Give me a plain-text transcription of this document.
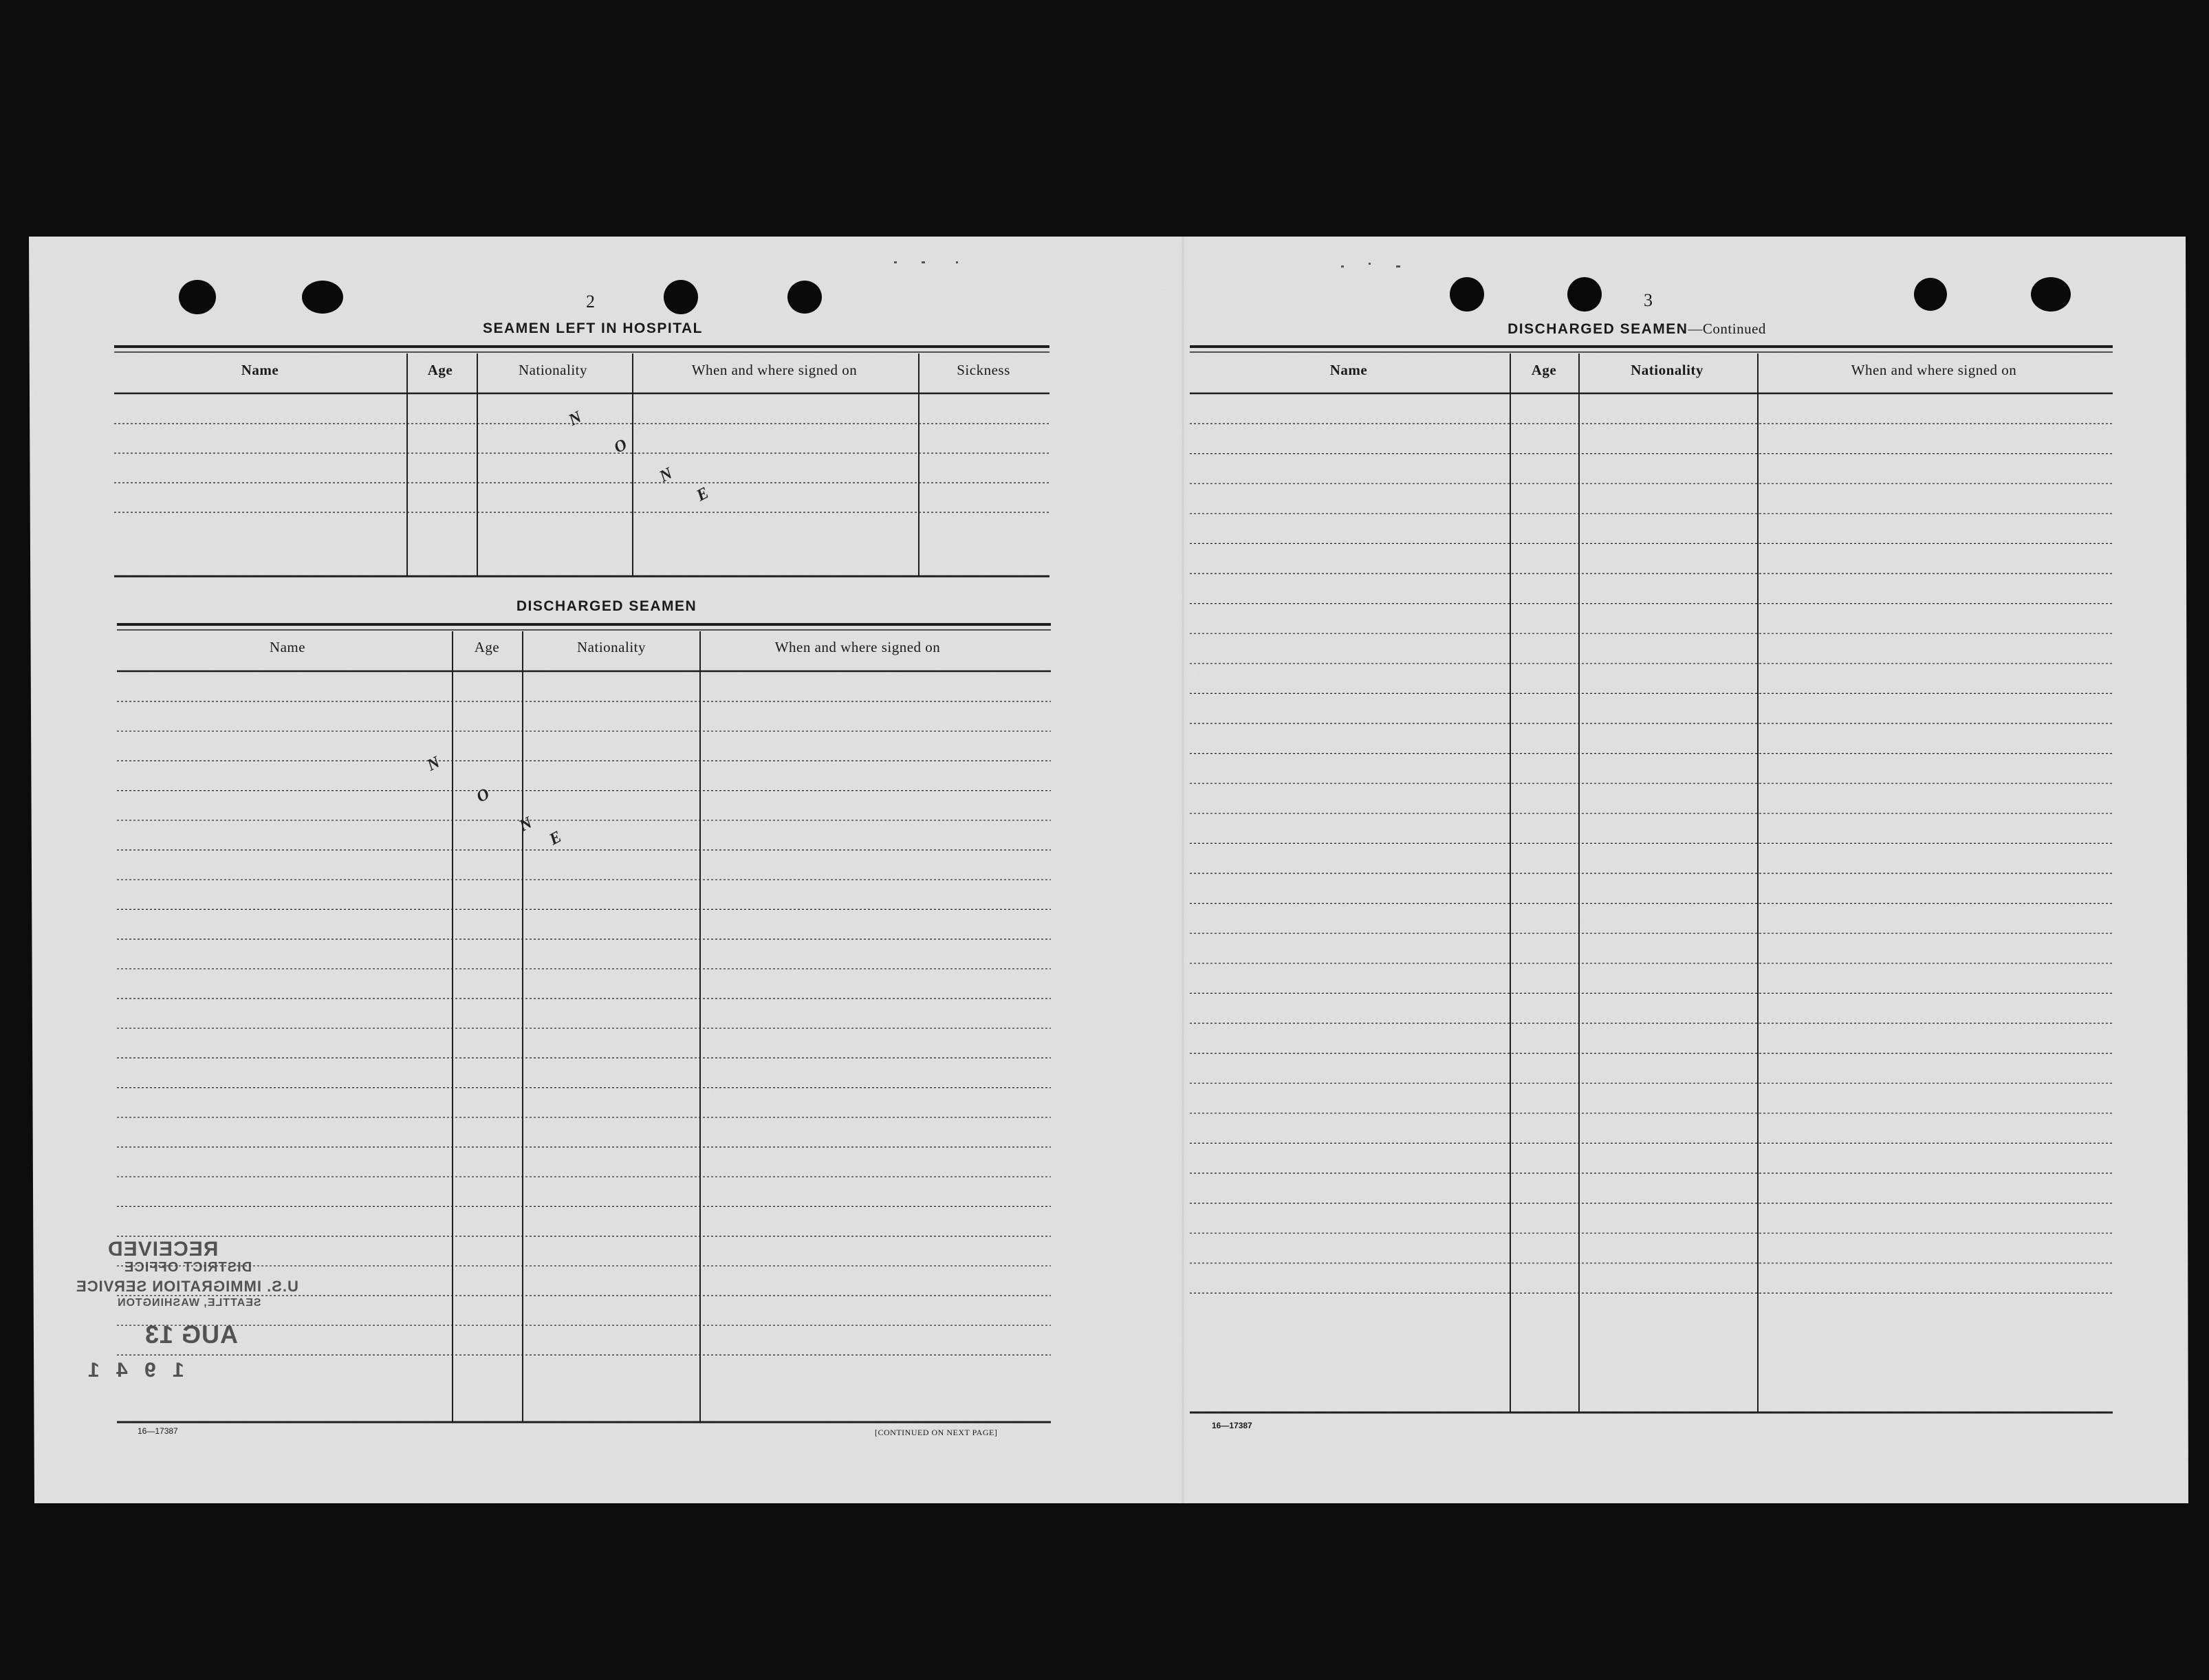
2
SEAMEN LEFT IN HOSPITAL
Name	Age	Nationality	When and where signed on	Sickness
N
O
N
E
DISCHARGED SEAMEN
Name	Age	Nationality	When and where signed on
N
O
N
E
RECEIVED
DISTRICT OFFICE
U.S. IMMIGRATION SERVICE
SEATTLE, WASHINGTON
AUG 13
1 9 4 1
16—17387	[CONTINUED ON NEXT PAGE]
3
DISCHARGED SEAMEN—Continued
Name	Age	Nationality	When and where signed on
16—17387
